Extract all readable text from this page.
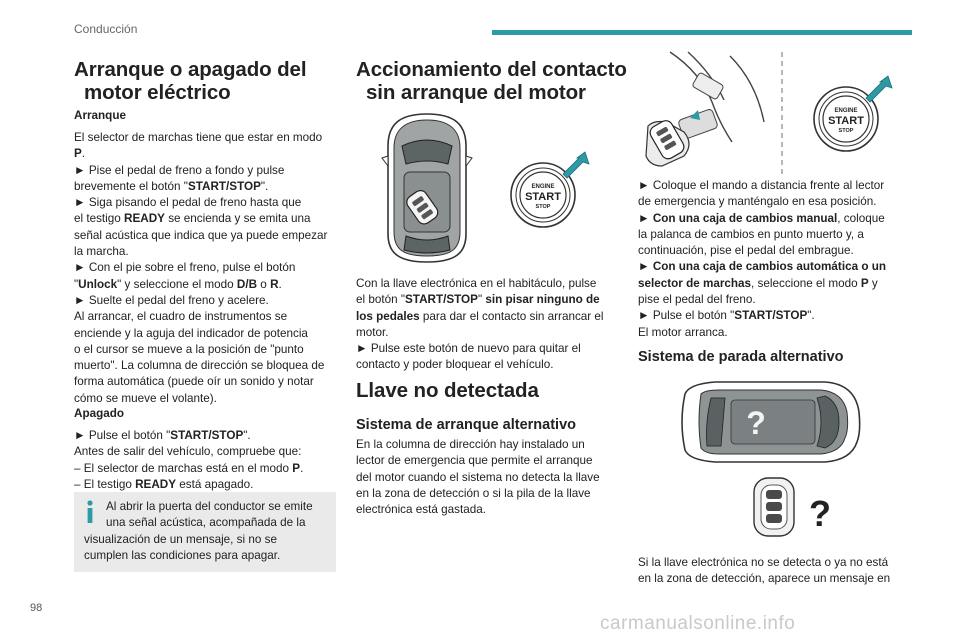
Conducción
Arranque o apagado del
motor eléctrico
Arranque
El selector de marchas tiene que estar en modo
P.
► Pise el pedal de freno a fondo y pulse
brevemente el botón "START/STOP".
► Siga pisando el pedal de freno hasta que
el testigo READY se encienda y se emita una
señal acústica que indica que ya puede empezar
la marcha.
► Con el pie sobre el freno, pulse el botón
"Unlock" y seleccione el modo D/B o R.
► Suelte el pedal del freno y acelere.
Al arrancar, el cuadro de instrumentos se
enciende y la aguja del indicador de potencia
o el cursor se mueve a la posición de "punto
muerto". La columna de dirección se bloquea de
forma automática (puede oír un sonido y notar
cómo se mueve el volante).
Apagado
► Pulse el botón "START/STOP".
Antes de salir del vehículo, compruebe que:
– El selector de marchas está en el modo P.
– El testigo READY está apagado.
Al abrir la puerta del conductor se emite
una señal acústica, acompañada de la
visualización de un mensaje, si no se
cumplen las condiciones para apagar.
Accionamiento del contacto
sin arranque del motor
ENGINE
START
STOP
Con la llave electrónica en el habitáculo, pulse
el botón "START/STOP" sin pisar ninguno de
los pedales para dar el contacto sin arrancar el
motor.
► Pulse este botón de nuevo para quitar el
contacto y poder bloquear el vehículo.
Llave no detectada
Sistema de arranque alternativo
En la columna de dirección hay instalado un
lector de emergencia que permite el arranque
del motor cuando el sistema no detecta la llave
en la zona de detección o si la pila de la llave
electrónica está gastada.
ENGINE
START
STOP
► Coloque el mando a distancia frente al lector
de emergencia y manténgalo en esa posición.
► Con una caja de cambios manual, coloque
la palanca de cambios en punto muerto y, a
continuación, pise el pedal del embrague.
► Con una caja de cambios automática o un
selector de marchas, seleccione el modo P y
pise el pedal del freno.
► Pulse el botón "START/STOP".
El motor arranca.
Sistema de parada alternativo
?
?
Si la llave electrónica no se detecta o ya no está
en la zona de detección, aparece un mensaje en
98
carmanualsonline.info
